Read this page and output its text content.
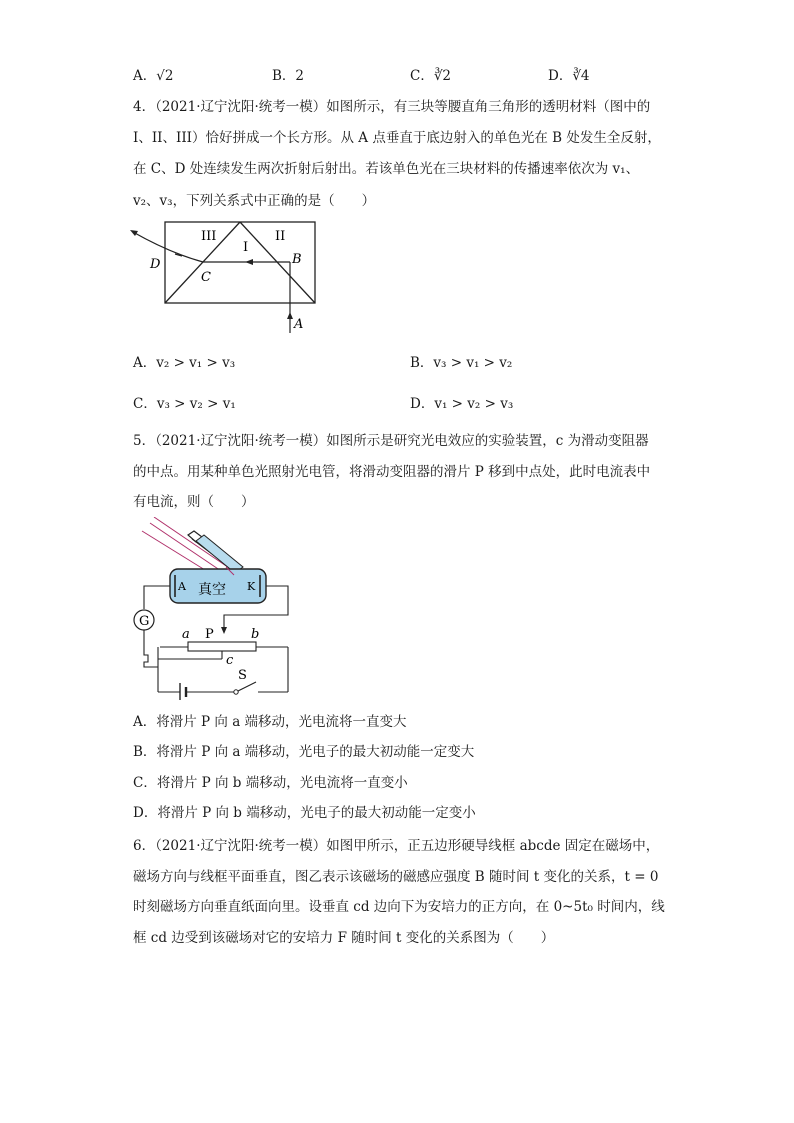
A．√2	B．2	C．∛2	D．∛4
4．（2021·辽宁沈阳·统考一模）如图所示，有三块等腰直角三角形的透明材料（图中的
I、II、III）恰好拼成一个长方形。从 A 点垂直于底边射入的单色光在 B 处发生全反射，
在 C、D 处连续发生两次折射后射出。若该单色光在三块材料的传播速率依次为 v₁、
v₂、v₃，下列关系式中正确的是（　　）
III
I
II
B
C
D
A
A．v₂ > v₁ > v₃	B．v₃ > v₁ > v₂
C．v₃ > v₂ > v₁	D．v₁ > v₂ > v₃
5．（2021·辽宁沈阳·统考一模）如图所示是研究光电效应的实验装置，c 为滑动变阻器
的中点。用某种单色光照射光电管，将滑动变阻器的滑片 P 移到中点处，此时电流表中
有电流，则（　　）
A 真空 K
G
a P	b
c
S
A．将滑片 P 向 a 端移动，光电流将一直变大
B．将滑片 P 向 a 端移动，光电子的最大初动能一定变大
C．将滑片 P 向 b 端移动，光电流将一直变小
D．将滑片 P 向 b 端移动，光电子的最大初动能一定变小
6．（2021·辽宁沈阳·统考一模）如图甲所示，正五边形硬导线框 abcde 固定在磁场中，
磁场方向与线框平面垂直，图乙表示该磁场的磁感应强度 B 随时间 t 变化的关系，t = 0
时刻磁场方向垂直纸面向里。设垂直 cd 边向下为安培力的正方向，在 0~5t₀ 时间内，线
框 cd 边受到该磁场对它的安培力 F 随时间 t 变化的关系图为（　　）
